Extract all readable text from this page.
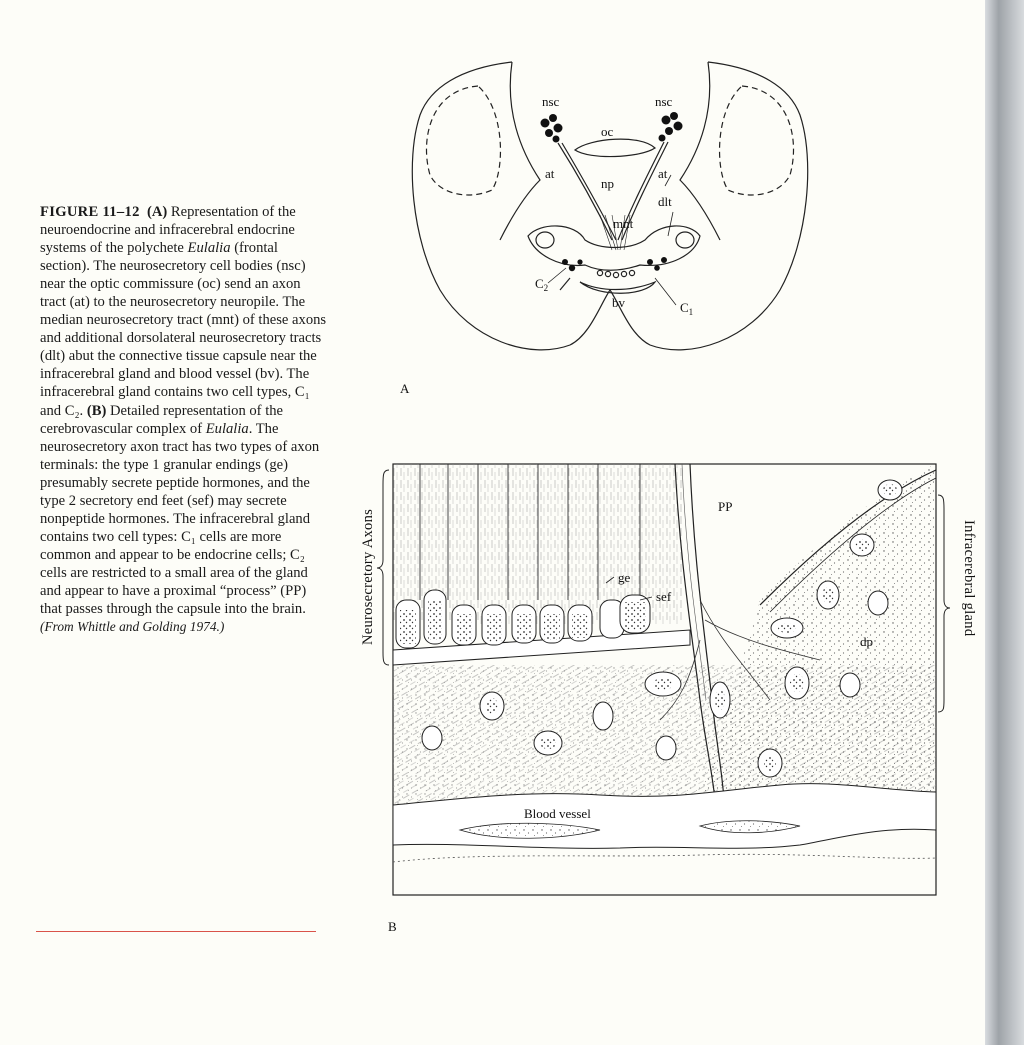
FIGURE 11–12 (A) Representation of the neuroendocrine and infracerebral endocrine systems of the polychete Eulalia (frontal section). The neurosecretory cell bodies (nsc) near the optic commissure (oc) send an axon tract (at) to the neurosecretory neuropile. The median neurosecretory tract (mnt) of these axons and additional dorsolateral neurosecretory tracts (dlt) abut the connective tissue capsule near the infracerebral gland and blood vessel (bv). The infracerebral gland contains two cell types, C₁ and C₂. (B) Detailed representation of the cerebrovascular complex of Eulalia. The neurosecretory axon tract has two types of axon terminals: the type 1 granular endings (ge) presumably secrete peptide hormones, and the type 2 secretory end feet (sef) may secrete nonpeptide hormones. The infracerebral gland contains two cell types: C₁ cells are more common and appear to be endocrine cells; C₂ cells are restricted to a small area of the gland and appear to have a proximal “process” (PP) that passes through the capsule into the brain. (From Whittle and Golding 1974.)
nsc	nsc
oc
at	at
np
dlt
mnt
$C_2$
$C_1$
bv
A
PP
ge
sef
dp
Blood vessel
Neurosecretory Axons	Infracerebral gland
B
